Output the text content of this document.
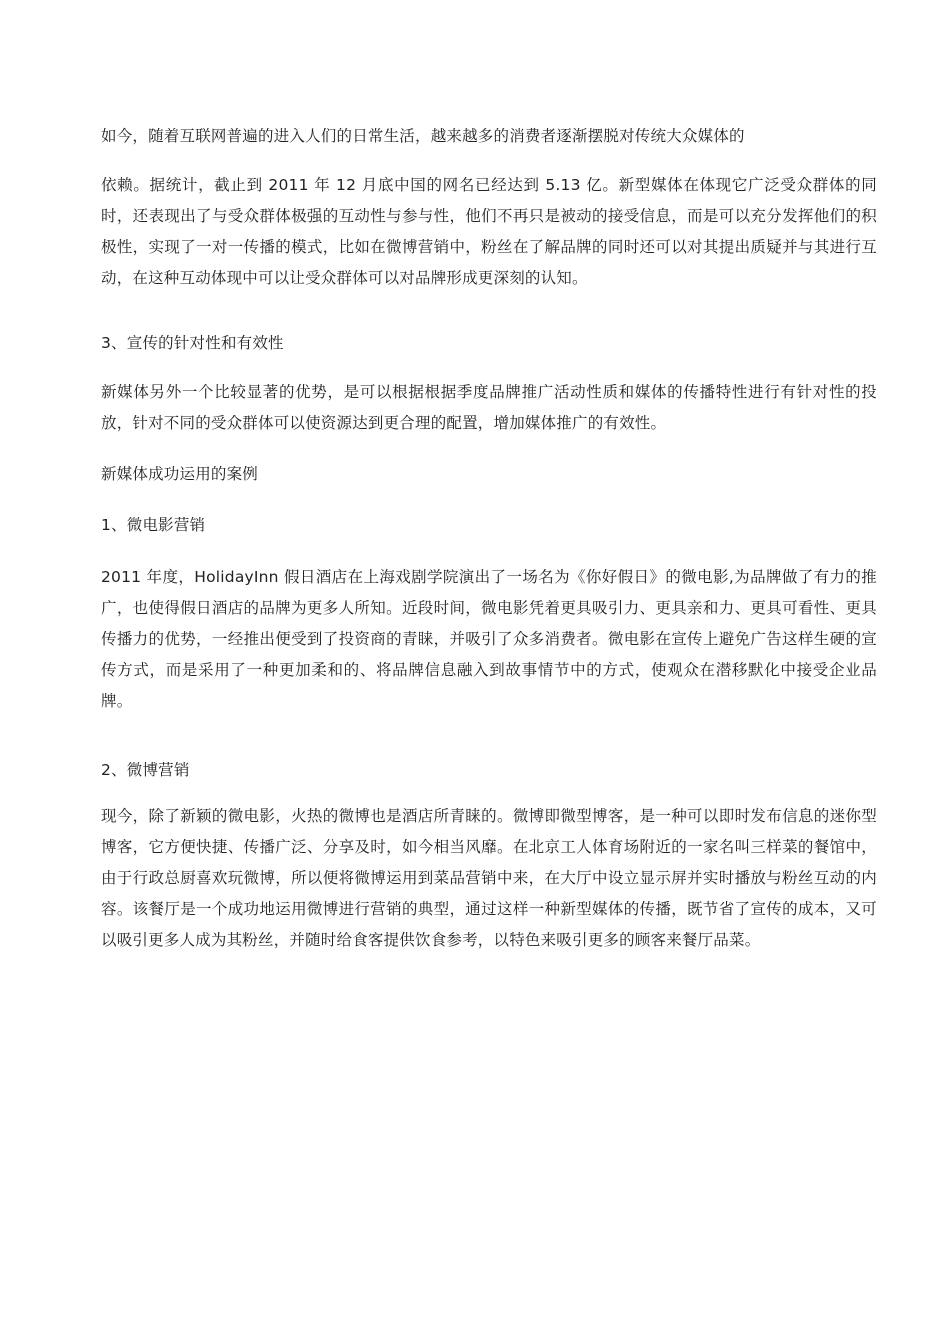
如今，随着互联网普遍的进入人们的日常生活，越来越多的消费者逐渐摆脱对传统大众媒体的

依赖。据统计，截止到 2011 年 12 月底中国的网名已经达到 5.13 亿。新型媒体在体现它广泛受众群体的同时，还表现出了与受众群体极强的互动性与参与性，他们不再只是被动的接受信息，而是可以充分发挥他们的积极性，实现了一对一传播的模式，比如在微博营销中，粉丝在了解品牌的同时还可以对其提出质疑并与其进行互动，在这种互动体现中可以让受众群体可以对品牌形成更深刻的认知。

3、宣传的针对性和有效性

新媒体另外一个比较显著的优势，是可以根据根据季度品牌推广活动性质和媒体的传播特性进行有针对性的投放，针对不同的受众群体可以使资源达到更合理的配置，增加媒体推广的有效性。

新媒体成功运用的案例

1、微电影营销

2011 年度，HolidayInn 假日酒店在上海戏剧学院演出了一场名为《你好假日》的微电影,为品牌做了有力的推广，也使得假日酒店的品牌为更多人所知。近段时间，微电影凭着更具吸引力、更具亲和力、更具可看性、更具传播力的优势，一经推出便受到了投资商的青睐，并吸引了众多消费者。微电影在宣传上避免广告这样生硬的宣传方式，而是采用了一种更加柔和的、将品牌信息融入到故事情节中的方式，使观众在潜移默化中接受企业品牌。

2、微博营销

现今，除了新颖的微电影，火热的微博也是酒店所青睐的。微博即微型博客，是一种可以即时发布信息的迷你型博客，它方便快捷、传播广泛、分享及时，如今相当风靡。在北京工人体育场附近的一家名叫三样菜的餐馆中，由于行政总厨喜欢玩微博，所以便将微博运用到菜品营销中来，在大厅中设立显示屏并实时播放与粉丝互动的内容。该餐厅是一个成功地运用微博进行营销的典型，通过这样一种新型媒体的传播，既节省了宣传的成本，又可以吸引更多人成为其粉丝，并随时给食客提供饮食参考，以特色来吸引更多的顾客来餐厅品菜。
